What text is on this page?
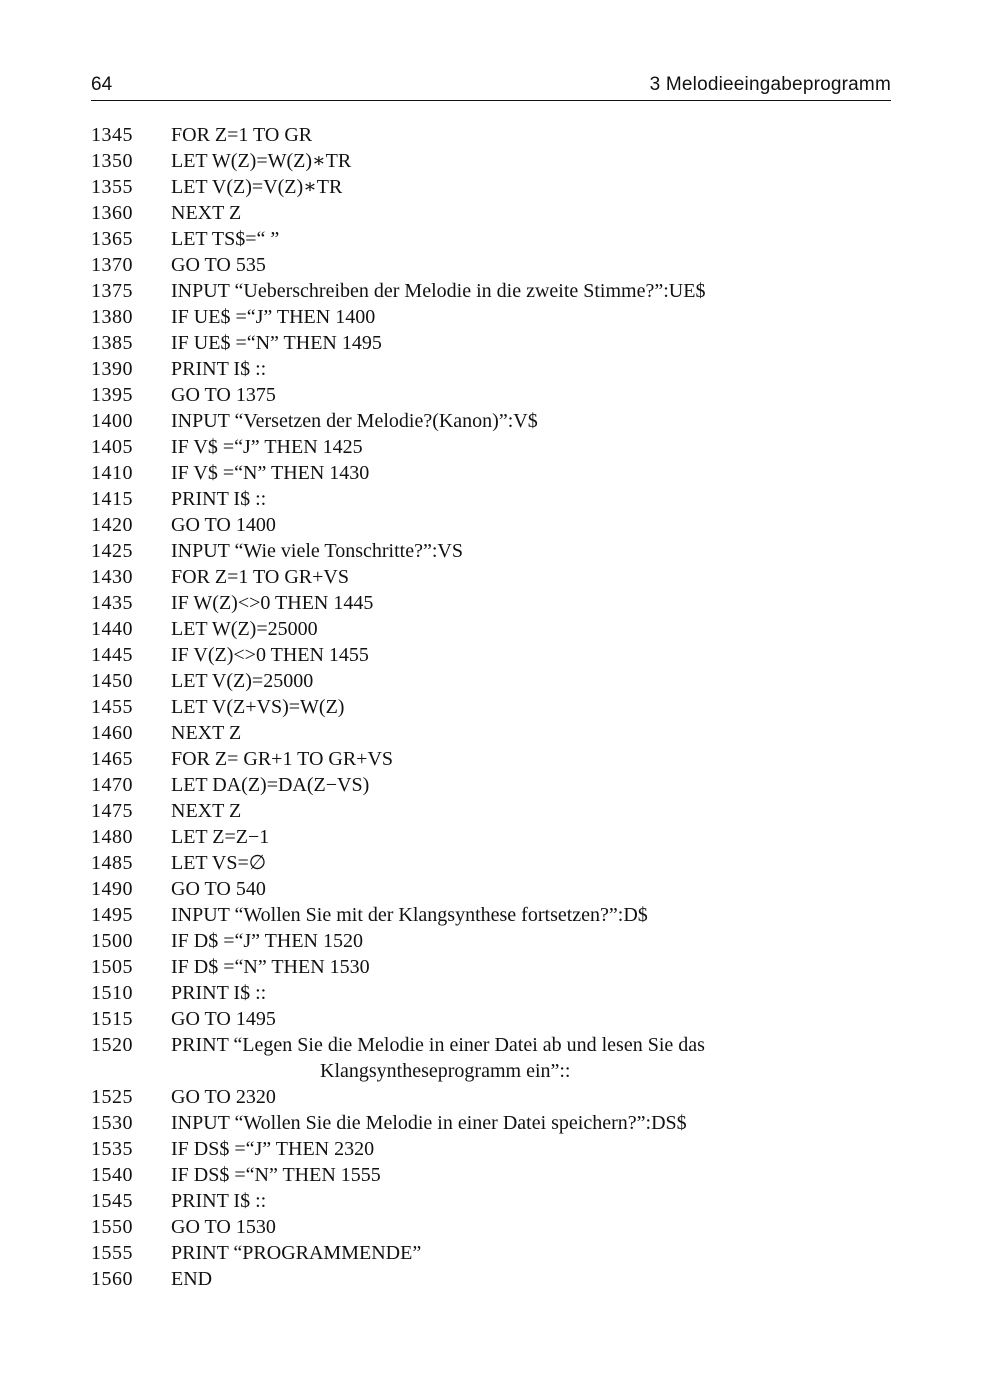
64	3 Melodieeingabeprogramm
1345	FOR Z=1 TO GR
1350	LET W(Z)=W(Z)∗TR
1355	LET V(Z)=V(Z)∗TR
1360	NEXT Z
1365	LET TS$=“ ”
1370	GO TO 535
1375	INPUT “Ueberschreiben der Melodie in die zweite Stimme?”:UE$
1380	IF UE$ =“J” THEN 1400
1385	IF UE$ =“N” THEN 1495
1390	PRINT I$ ::
1395	GO TO 1375
1400	INPUT “Versetzen der Melodie?(Kanon)”:V$
1405	IF V$ =“J” THEN 1425
1410	IF V$ =“N” THEN 1430
1415	PRINT I$ ::
1420	GO TO 1400
1425	INPUT “Wie viele Tonschritte?”:VS
1430	FOR Z=1 TO GR+VS
1435	IF W(Z)<>0 THEN 1445
1440	LET W(Z)=25000
1445	IF V(Z)<>0 THEN 1455
1450	LET V(Z)=25000
1455	LET V(Z+VS)=W(Z)
1460	NEXT Z
1465	FOR Z= GR+1 TO GR+VS
1470	LET DA(Z)=DA(Z−VS)
1475	NEXT Z
1480	LET Z=Z−1
1485	LET VS=∅
1490	GO TO 540
1495	INPUT “Wollen Sie mit der Klangsynthese fortsetzen?”:D$
1500	IF D$ =“J” THEN 1520
1505	IF D$ =“N” THEN 1530
1510	PRINT I$ ::
1515	GO TO 1495
1520	PRINT “Legen Sie die Melodie in einer Datei ab und lesen Sie das
Klangsyntheseprogramm ein”::
1525	GO TO 2320
1530	INPUT “Wollen Sie die Melodie in einer Datei speichern?”:DS$
1535	IF DS$ =“J” THEN 2320
1540	IF DS$ =“N” THEN 1555
1545	PRINT I$ ::
1550	GO TO 1530
1555	PRINT “PROGRAMMENDE”
1560	END
